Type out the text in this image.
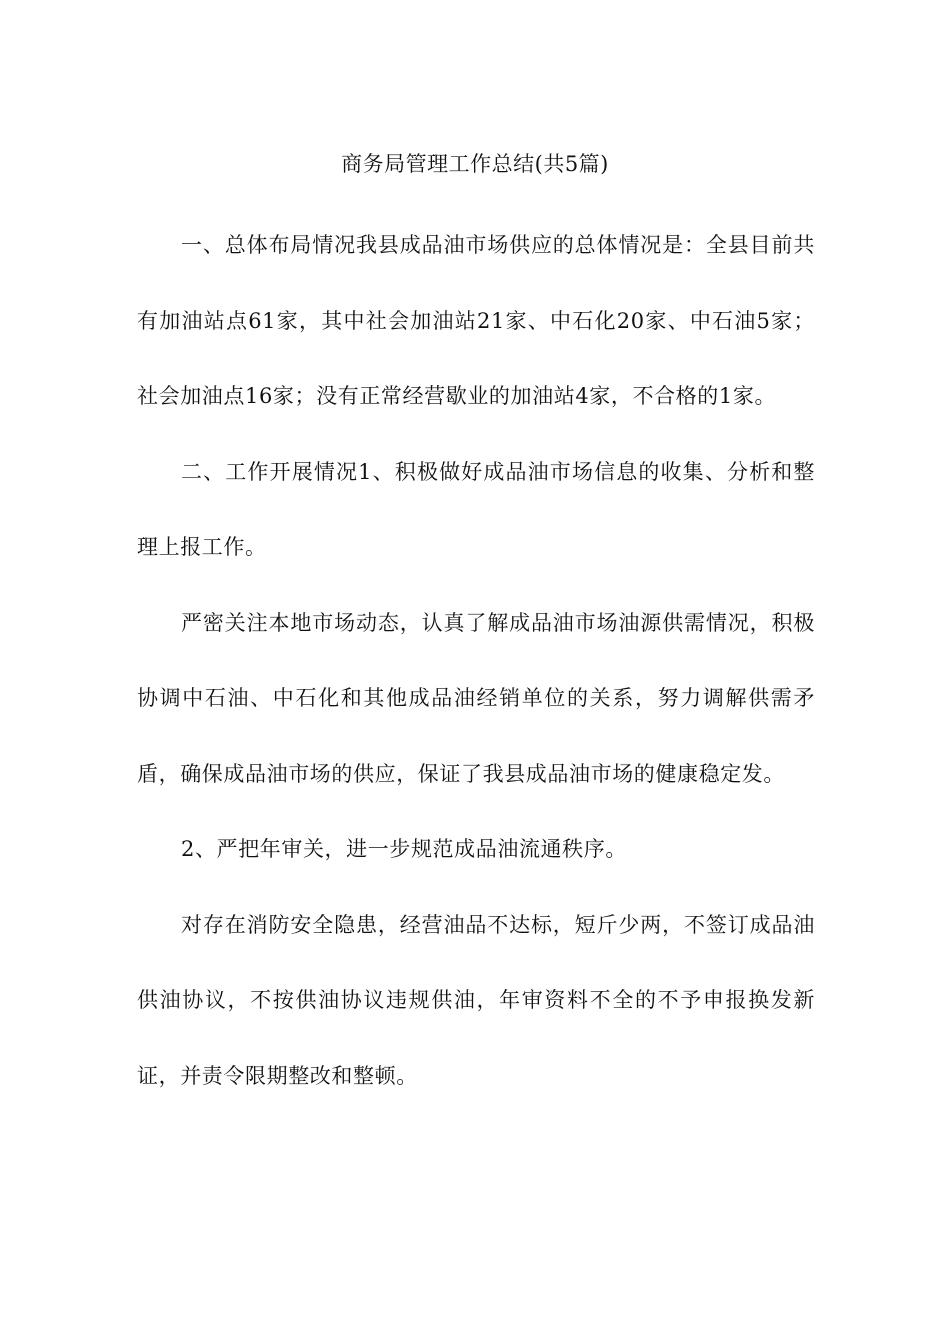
商务局管理工作总结(共5篇)

一、总体布局情况我县成品油市场供应的总体情况是：全县目前共有加油站点61家，其中社会加油站21家、中石化20家、中石油5家；社会加油点16家；没有正常经营歇业的加油站4家，不合格的1家。

二、工作开展情况1、积极做好成品油市场信息的收集、分析和整理上报工作。

严密关注本地市场动态，认真了解成品油市场油源供需情况，积极协调中石油、中石化和其他成品油经销单位的关系，努力调解供需矛盾，确保成品油市场的供应，保证了我县成品油市场的健康稳定发。

2、严把年审关，进一步规范成品油流通秩序。

对存在消防安全隐患，经营油品不达标，短斤少两，不签订成品油供油协议，不按供油协议违规供油，年审资料不全的不予申报换发新证，并责令限期整改和整顿。
